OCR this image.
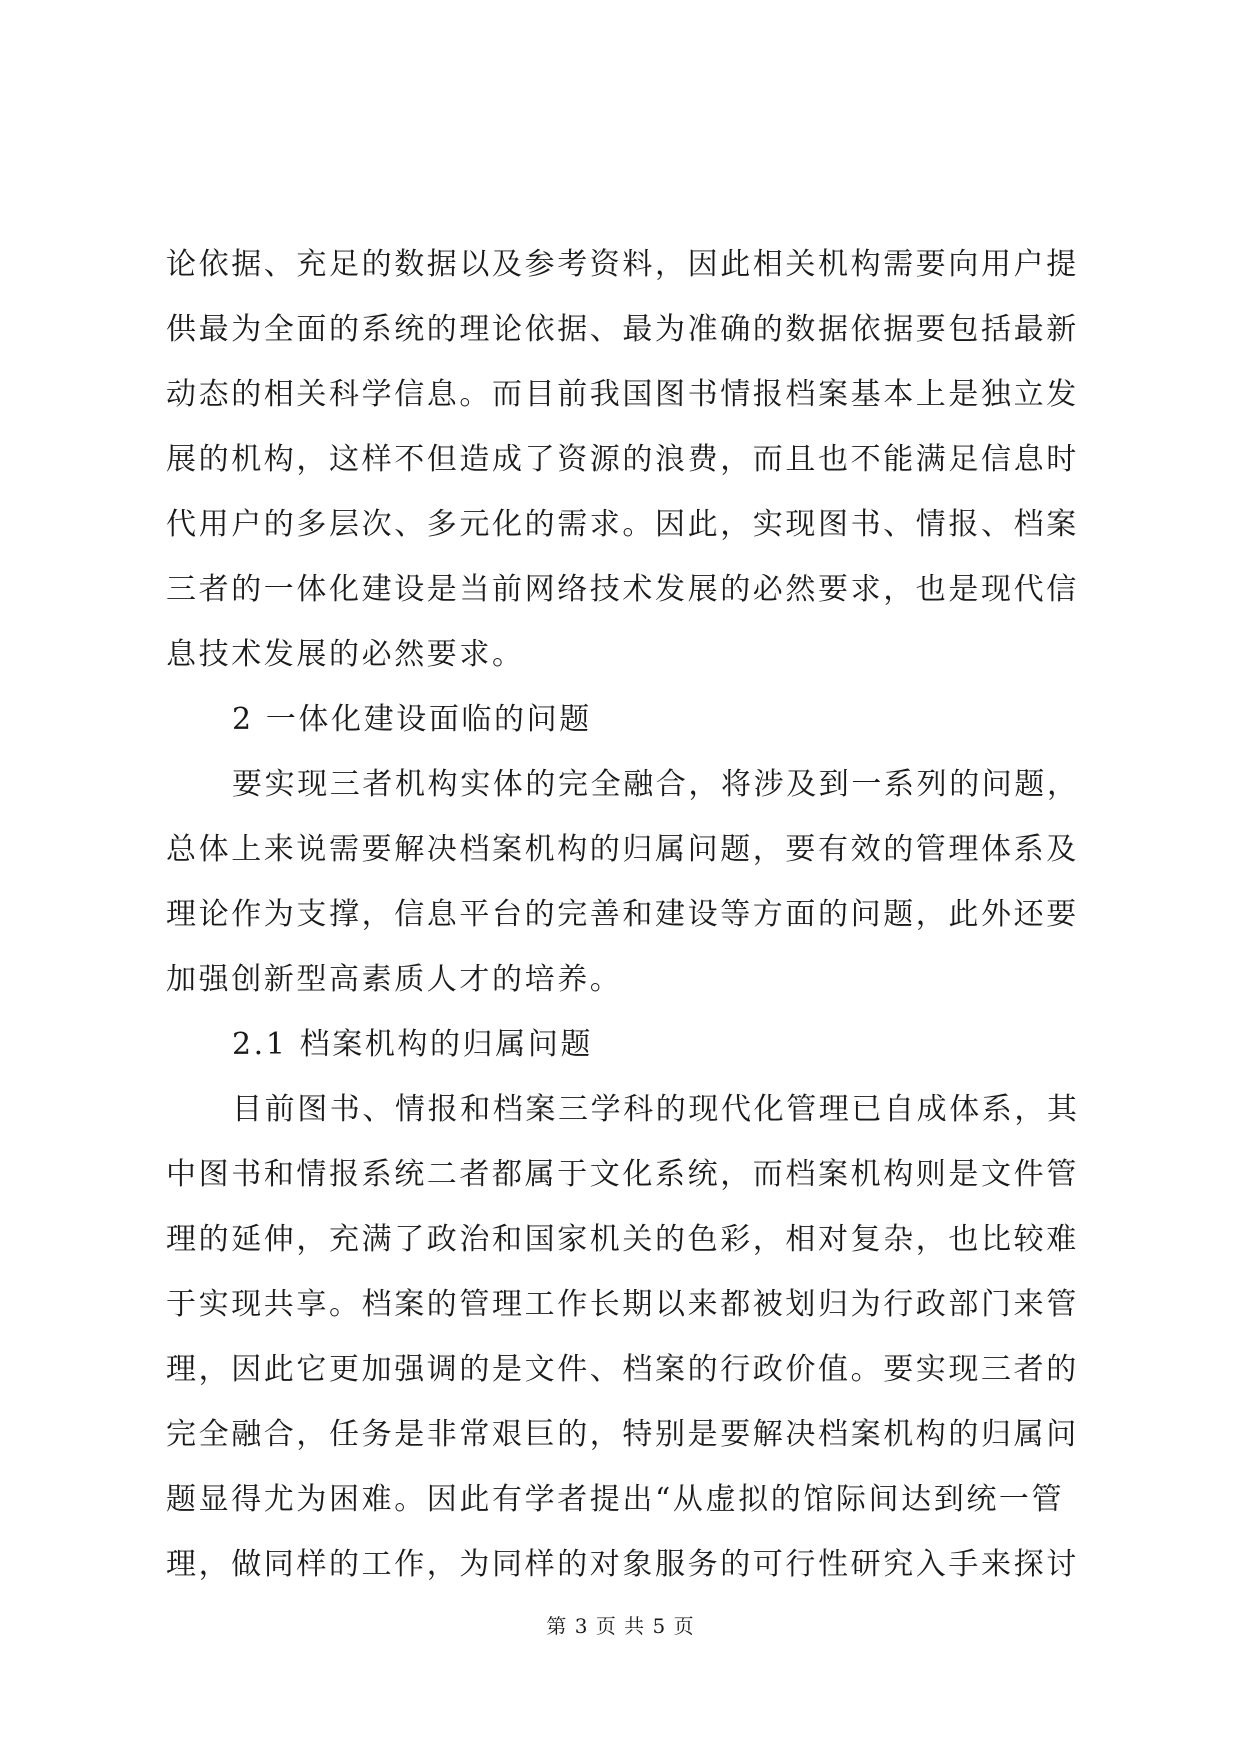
论依据、充足的数据以及参考资料，因此相关机构需要向用户提
供最为全面的系统的理论依据、最为准确的数据依据要包括最新
动态的相关科学信息。而目前我国图书情报档案基本上是独立发
展的机构，这样不但造成了资源的浪费，而且也不能满足信息时
代用户的多层次、多元化的需求。因此，实现图书、情报、档案
三者的一体化建设是当前网络技术发展的必然要求，也是现代信
息技术发展的必然要求。
2 一体化建设面临的问题
要实现三者机构实体的完全融合，将涉及到一系列的问题，
总体上来说需要解决档案机构的归属问题，要有效的管理体系及
理论作为支撑，信息平台的完善和建设等方面的问题，此外还要
加强创新型高素质人才的培养。
2.1 档案机构的归属问题
目前图书、情报和档案三学科的现代化管理已自成体系，其
中图书和情报系统二者都属于文化系统，而档案机构则是文件管
理的延伸，充满了政治和国家机关的色彩，相对复杂，也比较难
于实现共享。档案的管理工作长期以来都被划归为行政部门来管
理，因此它更加强调的是文件、档案的行政价值。要实现三者的
完全融合，任务是非常艰巨的，特别是要解决档案机构的归属问
题显得尤为困难。因此有学者提出“从虚拟的馆际间达到统一管
理，做同样的工作，为同样的对象服务的可行性研究入手来探讨
第 3 页 共 5 页
